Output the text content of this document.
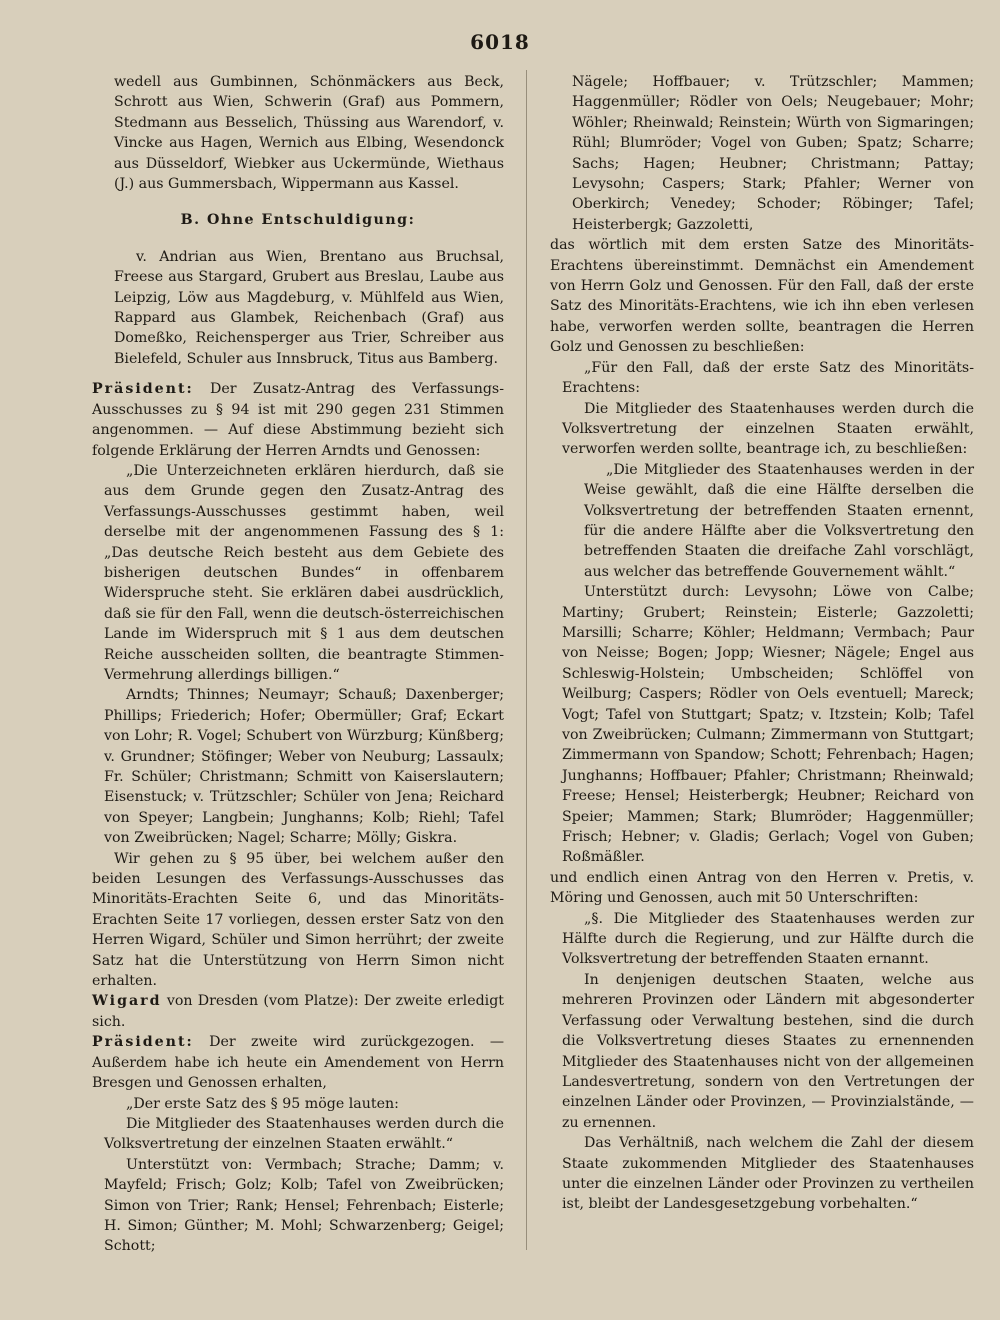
6018

wedell aus Gumbinnen, Schönmäckers aus Beck, Schrott aus Wien, Schwerin (Graf) aus Pommern, Stedmann aus Besselich, Thüssing aus Warendorf, v. Vincke aus Hagen, Wernich aus Elbing, Wesendonck aus Düsseldorf, Wiebker aus Uckermünde, Wiethaus (J.) aus Gummersbach, Wippermann aus Kassel.

B. Ohne Entschuldigung:

v. Andrian aus Wien, Brentano aus Bruchsal, Freese aus Stargard, Grubert aus Breslau, Laube aus Leipzig, Löw aus Magdeburg, v. Mühlfeld aus Wien, Rappard aus Glambek, Reichenbach (Graf) aus Domeßko, Reichensperger aus Trier, Schreiber aus Bielefeld, Schuler aus Innsbruck, Titus aus Bamberg.

Präsident: Der Zusatz-Antrag des Verfassungs-Ausschusses zu § 94 ist mit 290 gegen 231 Stimmen angenommen. — Auf diese Abstimmung bezieht sich folgende Erklärung der Herren Arndts und Genossen:

„Die Unterzeichneten erklären hierdurch, daß sie aus dem Grunde gegen den Zusatz-Antrag des Verfassungs-Ausschusses gestimmt haben, weil derselbe mit der angenommenen Fassung des § 1: „Das deutsche Reich besteht aus dem Gebiete des bisherigen deutschen Bundes“ in offenbarem Widerspruche steht. Sie erklären dabei ausdrücklich, daß sie für den Fall, wenn die deutsch-österreichischen Lande im Widerspruch mit § 1 aus dem deutschen Reiche ausscheiden sollten, die beantragte Stimmen-Vermehrung allerdings billigen.“

Arndts; Thinnes; Neumayr; Schauß; Daxenberger; Phillips; Friederich; Hofer; Obermüller; Graf; Eckart von Lohr; R. Vogel; Schubert von Würzburg; Künßberg; v. Grundner; Stöfinger; Weber von Neuburg; Lassaulx; Fr. Schüler; Christmann; Schmitt von Kaiserslautern; Eisenstuck; v. Trützschler; Schüler von Jena; Reichard von Speyer; Langbein; Junghanns; Kolb; Riehl; Tafel von Zweibrücken; Nagel; Scharre; Mölly; Giskra.

Wir gehen zu § 95 über, bei welchem außer den beiden Lesungen des Verfassungs-Ausschusses das Minoritäts-Erachten Seite 6, und das Minoritäts-Erachten Seite 17 vorliegen, dessen erster Satz von den Herren Wigard, Schüler und Simon herrührt; der zweite Satz hat die Unterstützung von Herrn Simon nicht erhalten.

Wigard von Dresden (vom Platze): Der zweite erledigt sich.

Präsident: Der zweite wird zurückgezogen. — Außerdem habe ich heute ein Amendement von Herrn Bresgen und Genossen erhalten,

„Der erste Satz des § 95 möge lauten:

Die Mitglieder des Staatenhauses werden durch die Volksvertretung der einzelnen Staaten erwählt.“

Unterstützt von: Vermbach; Strache; Damm; v. Mayfeld; Frisch; Golz; Kolb; Tafel von Zweibrücken; Simon von Trier; Rank; Hensel; Fehrenbach; Eisterle; H. Simon; Günther; M. Mohl; Schwarzenberg; Geigel; Schott;

Nägele; Hoffbauer; v. Trützschler; Mammen; Haggenmüller; Rödler von Oels; Neugebauer; Mohr; Wöhler; Rheinwald; Reinstein; Würth von Sigmaringen; Rühl; Blumröder; Vogel von Guben; Spatz; Scharre; Sachs; Hagen; Heubner; Christmann; Pattay; Levysohn; Caspers; Stark; Pfahler; Werner von Oberkirch; Venedey; Schoder; Röbinger; Tafel; Heisterbergk; Gazzoletti,

das wörtlich mit dem ersten Satze des Minoritäts-Erachtens übereinstimmt. Demnächst ein Amendement von Herrn Golz und Genossen. Für den Fall, daß der erste Satz des Minoritäts-Erachtens, wie ich ihn eben verlesen habe, verworfen werden sollte, beantragen die Herren Golz und Genossen zu beschließen:

„Für den Fall, daß der erste Satz des Minoritäts-Erachtens:

Die Mitglieder des Staatenhauses werden durch die Volksvertretung der einzelnen Staaten erwählt, verworfen werden sollte, beantrage ich, zu beschließen:

„Die Mitglieder des Staatenhauses werden in der Weise gewählt, daß die eine Hälfte derselben die Volksvertretung der betreffenden Staaten ernennt, für die andere Hälfte aber die Volksvertretung den betreffenden Staaten die dreifache Zahl vorschlägt, aus welcher das betreffende Gouvernement wählt.“

Unterstützt durch: Levysohn; Löwe von Calbe; Martiny; Grubert; Reinstein; Eisterle; Gazzoletti; Marsilli; Scharre; Köhler; Heldmann; Vermbach; Paur von Neisse; Bogen; Jopp; Wiesner; Nägele; Engel aus Schleswig-Holstein; Umbscheiden; Schlöffel von Weilburg; Caspers; Rödler von Oels eventuell; Mareck; Vogt; Tafel von Stuttgart; Spatz; v. Itzstein; Kolb; Tafel von Zweibrücken; Culmann; Zimmermann von Stuttgart; Zimmermann von Spandow; Schott; Fehrenbach; Hagen; Junghanns; Hoffbauer; Pfahler; Christmann; Rheinwald; Freese; Hensel; Heisterbergk; Heubner; Reichard von Speier; Mammen; Stark; Blumröder; Haggenmüller; Frisch; Hebner; v. Gladis; Gerlach; Vogel von Guben; Roßmäßler.

und endlich einen Antrag von den Herren v. Pretis, v. Möring und Genossen, auch mit 50 Unterschriften:

„§. Die Mitglieder des Staatenhauses werden zur Hälfte durch die Regierung, und zur Hälfte durch die Volksvertretung der betreffenden Staaten ernannt.

In denjenigen deutschen Staaten, welche aus mehreren Provinzen oder Ländern mit abgesonderter Verfassung oder Verwaltung bestehen, sind die durch die Volksvertretung dieses Staates zu ernennenden Mitglieder des Staatenhauses nicht von der allgemeinen Landesvertretung, sondern von den Vertretungen der einzelnen Länder oder Provinzen, — Provinzialstände, — zu ernennen.

Das Verhältniß, nach welchem die Zahl der diesem Staate zukommenden Mitglieder des Staatenhauses unter die einzelnen Länder oder Provinzen zu vertheilen ist, bleibt der Landesgesetzgebung vorbehalten.“
